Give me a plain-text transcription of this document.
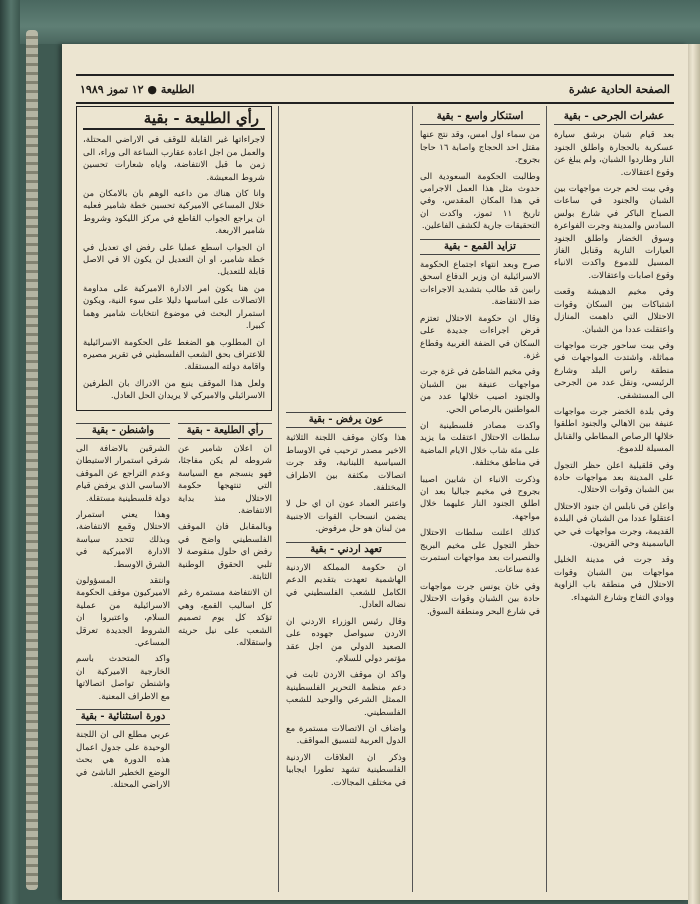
الصفحة الحادية عشرة
الطليعة ● ١٢ تموز ١٩٨٩
عشرات الجرحى - بقية

بعد قيام شبان برشق سيارة عسكرية بالحجارة واطلق الجنود النار وطاردوا الشبان، ولم يبلغ عن وقوع اعتقالات.

وفي بيت لحم جرت مواجهات بين الشبان والجنود في ساعات الصباح الباكر في شارع بولس السادس والمدينة وجرت الفواعرة وسوق الخضار واطلق الجنود العيارات النارية وقنابل الغاز المسيل للدموع واكدت الانباء وقوع اصابات واعتقالات.

وفي مخيم الدهيشة وقعت اشتباكات بين السكان وقوات الاحتلال التي داهمت المنازل واعتقلت عددا من الشبان.

وفي بيت ساحور جرت مواجهات مماثلة، واشتدت المواجهات في منطقة راس البلد وشارع الرئيسي، ونقل عدد من الجرحى الى المستشفى.

وفي بلدة الخضر جرت مواجهات عنيفة بين الاهالي والجنود اطلقوا خلالها الرصاص المطاطي والقنابل المسيلة للدموع.

وفي قلقيلية اعلن حظر التجول على المدينة بعد مواجهات حادة بين الشبان وقوات الاحتلال.

واعلن في نابلس ان جنود الاحتلال اعتقلوا عددا من الشبان في البلدة القديمة، وجرت مواجهات في حي الياسمينة وحي القريون.

وقد جرت في مدينة الخليل مواجهات بين الشبان وقوات الاحتلال في منطقة باب الزاوية ووادي التفاح وشارع الشهداء.

استنكار واسع - بقية

من سماء اول امس، وقد نتج عنها مقتل احد الحجاج واصابة ١٦ حاجا بجروح.

وطالبت الحكومة السعودية الى حدوث مثل هذا العمل الاجرامي في هذا المكان المقدس، وفي تاريخ ١١ تموز، واكدت ان التحقيقات جارية لكشف الفاعلين.

تزايد القمع - بقية

صرح وبعد انتهاء اجتماع الحكومة الاسرائيلية ان وزير الدفاع اسحق رابين قد طالب بتشديد الاجراءات ضد الانتفاضة.

وقال ان حكومة الاحتلال تعتزم فرض اجراءات جديدة على السكان في الضفة الغربية وقطاع غزة.

وفي مخيم الشاطئ في غزة جرت مواجهات عنيفة بين الشبان والجنود اصيب خلالها عدد من المواطنين بالرصاص الحي.

واكدت مصادر فلسطينية ان سلطات الاحتلال اعتقلت ما يزيد على مئة شاب خلال الايام الماضية في مناطق مختلفة.

وذكرت الانباء ان شابين اصيبا بجروح في مخيم جباليا بعد ان اطلق الجنود النار عليهما خلال مواجهة.

كذلك اعلنت سلطات الاحتلال حظر التجول على مخيم البريج والنصيرات بعد مواجهات استمرت عدة ساعات.

وفي خان يونس جرت مواجهات حادة بين الشبان وقوات الاحتلال في شارع البحر ومنطقة السوق.

عون يرفض - بقية

هذا وكان موقف اللجنة الثلاثية الاخير مصدر ترحيب في الاوساط السياسية اللبنانية، وقد جرت اتصالات مكثفة بين الاطراف المختلفة.

واعتبر العماد عون ان اي حل لا يضمن انسحاب القوات الاجنبية من لبنان هو حل مرفوض.

تعهد اردني - بقية

ان حكومة المملكة الاردنية الهاشمية تعهدت بتقديم الدعم الكامل للشعب الفلسطيني في نضاله العادل.

وقال رئيس الوزراء الاردني ان الاردن سيواصل جهوده على الصعيد الدولي من اجل عقد مؤتمر دولي للسلام.

واكد ان موقف الاردن ثابت في دعم منظمة التحرير الفلسطينية الممثل الشرعي والوحيد للشعب الفلسطيني.

واضاف ان الاتصالات مستمرة مع الدول العربية لتنسيق المواقف.

وذكر ان العلاقات الاردنية الفلسطينية تشهد تطورا ايجابيا في مختلف المجالات.

رأي الطليعة - بقية

لاجراءاتها غير القابلة للوقف في الاراضي المحتلة، والعمل من اجل اعادة عقارب الساعة الى وراء، الى زمن ما قبل الانتفاضة، واياه شعارات تحسين شروط المعيشة.

وانا كان هناك من داعيه الوهم بان بالامكان من خلال المساعي الاميركية تحسين خطة شامير فعليه ان يراجع الجواب القاطع في مركز الليكود وشروط شامير الاربعة.

ان الجواب اسطع عمليا على رفض اي تعديل في خطة شامير، او ان التعديل لن يكون الا في الاصل قابلة للتعديل.

من هنا يكون امر الادارة الاميركية على مداومة الاتصالات على اساسها دليلا على سوء النية، ويكون استمرار البحث في موضوع انتخابات شامير وهما كبيرا.

ان المطلوب هو الضغط على الحكومة الاسرائيلية للاعتراف بحق الشعب الفلسطيني في تقرير مصيره واقامة دولته المستقلة.

ولعل هذا الموقف ينبع من الادراك بان الطرفين الاسرائيلي والاميركي لا يريدان الحل العادل.

رأي الطليعة - بقية

ان اعلان شامير عن شروطه لم يكن مفاجئا، فهو ينسجم مع السياسة التي تنتهجها حكومة الاحتلال منذ بداية الانتفاضة.

وبالمقابل فان الموقف الفلسطيني واضح في رفض اي حلول منقوصة لا تلبي الحقوق الوطنية الثابتة.

ان الانتفاضة مستمرة رغم كل اساليب القمع، وهي تؤكد كل يوم تصميم الشعب على نيل حريته واستقلاله.

واشنطن - بقية

الشرقين بالاضافة الى شرقي استمرار الاستيطان وعدم التراجع عن الموقف الاساسي الذي يرفض قيام دولة فلسطينية مستقلة.

وهذا يعني استمرار الاحتلال وقمع الانتفاضة، وبذلك تتحدد سياسة الادارة الاميركية في الشرق الاوسط.

وانتقد المسؤولون الاميركيون موقف الحكومة الاسرائيلية من عملية السلام، واعتبروا ان الشروط الجديدة تعرقل المساعي.

واكد المتحدث باسم الخارجية الاميركية ان واشنطن تواصل اتصالاتها مع الاطراف المعنية.

دورة استثنائية - بقية

عربي مطلع الى ان اللجنة الوحيدة على جدول اعمال هذه الدورة هي بحث الوضع الخطير الناشئ في الاراضي المحتلة.
